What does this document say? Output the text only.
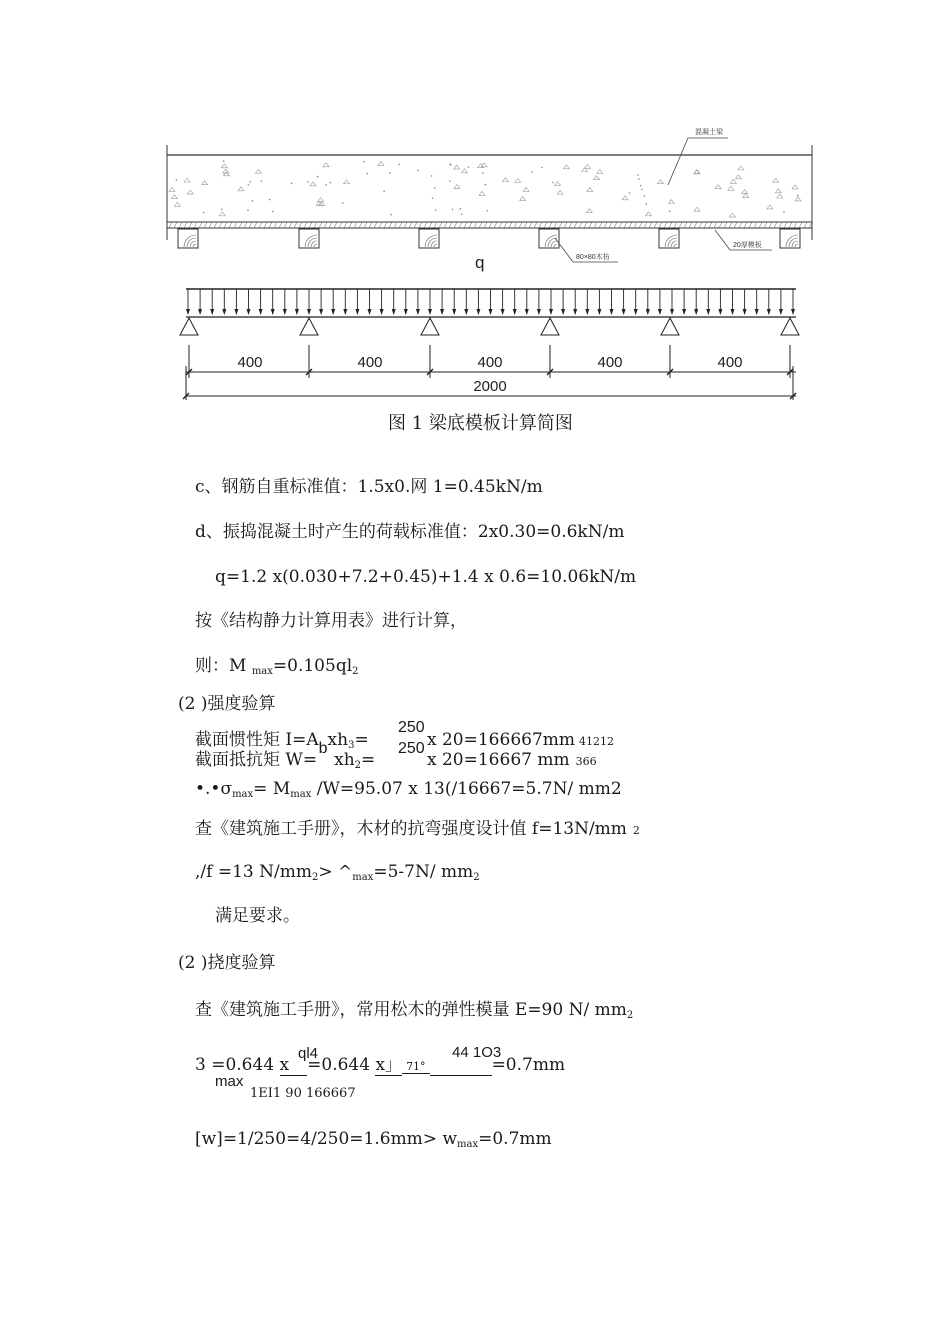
混凝土梁
80×80木枋
20厚模板
q
400	400	400	400	400
2000
图 1 梁底模板计算简图
c、钢筋自重标准值：1.5x0.网 1=0.45kN/m
d、振捣混凝土时产生的荷载标准值：2x0.30=0.6kN/m
q=1.2 x(0.030+7.2+0.45)+1.4 x 0.6=10.06kN/m
按《结构静力计算用表》进行计算，
则：M $_{max}=0.105ql_2$
(2 )强度验算
截面惯性矩 I=Abxh$_3$=
250
x 20=166667mm 41212
截面抵抗矩 $W= xh_2=$
250
x 20=16667 mm 366
$•.•\sigma_{max}= M_{max}$ /W=95.07 x 13(/16667=5.7N/ mm2
查《建筑施工手册》，木材的抗弯强度设计值 f=13N/mm 2
,/f =13 $N/mm_2>$ $\^{}_{max}=5-7N/$ $mm_2$
满足要求。
(2 )挠度验算
查《建筑施工手册》，常用松木的弹性模量 E=90 N/ $mm_2$
3 =0.644 x =0.644 x」 71°	=0.7mm
ql4	44 1O3
max
1EI1 90 166667
$[w]=1/250=4/250=1.6mm> w_{max}=0.7mm$
